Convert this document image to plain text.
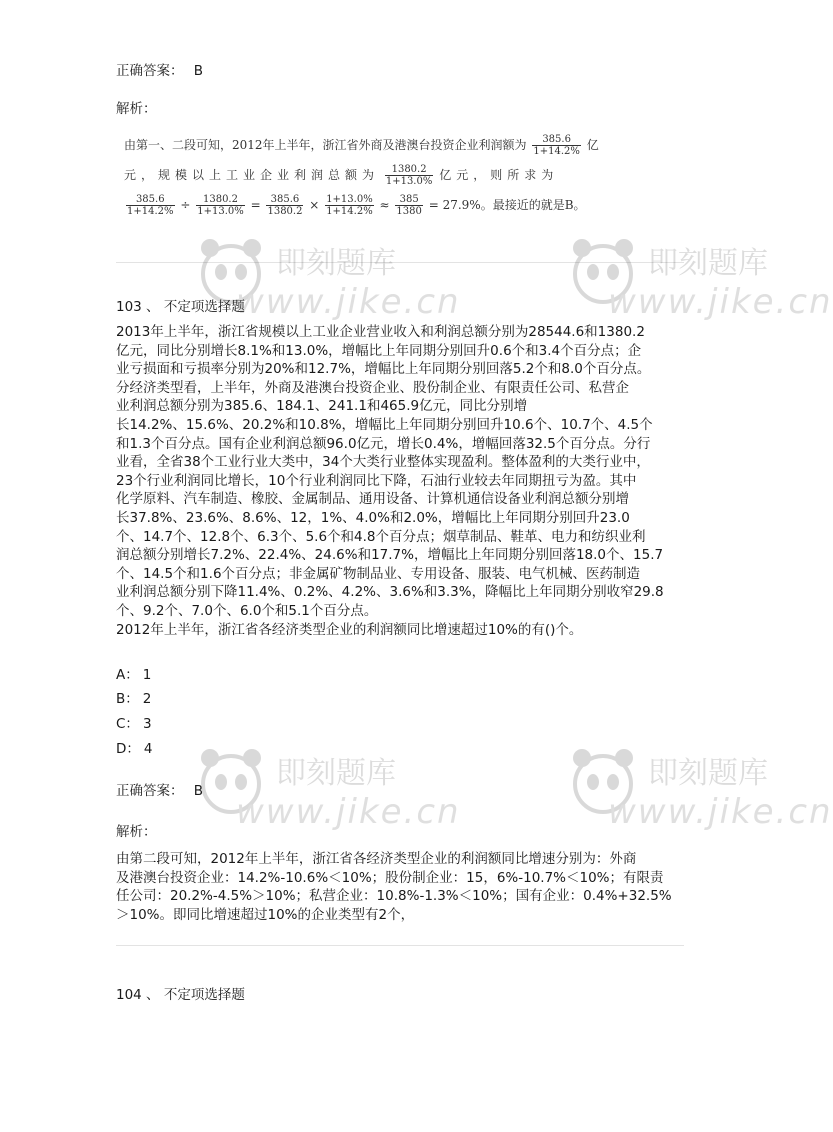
正确答案： B
解析：
由第一、二段可知，2012年上半年，浙江省外商及港澳台投资企业利润额为 $\frac{385.6}{1+14.2\%}$ 亿
元，规模以上工业企业利润总额为 $\frac{1380.2}{1+13.0\%}$ 亿元，则所求为
$\frac{385.6}{1+14.2\%} \div \frac{1380.2}{1+13.0\%} = \frac{385.6}{1380.2} \times \frac{1+13.0\%}{1+14.2\%} \approx \frac{385}{1380} = 27.9\%$。最接近的就是B。
103 、 不定项选择题
2013年上半年，浙江省规模以上工业企业营业收入和利润总额分别为28544.6和1380.2
亿元，同比分别增长8.1%和13.0%，增幅比上年同期分别回升0.6个和3.4个百分点；企
业亏损面和亏损率分别为20%和12.7%，增幅比上年同期分别回落5.2个和8.0个百分点。
分经济类型看，上半年，外商及港澳台投资企业、股份制企业、有限责任公司、私营企
业利润总额分别为385.6、184.1、241.1和465.9亿元，同比分别增
长14.2%、15.6%、20.2%和10.8%，增幅比上年同期分别回升10.6个、10.7个、4.5个
和1.3个百分点。国有企业利润总额96.0亿元，增长0.4%，增幅回落32.5个百分点。分行
业看，全省38个工业行业大类中，34个大类行业整体实现盈利。整体盈利的大类行业中，
23个行业利润同比增长，10个行业利润同比下降，石油行业较去年同期扭亏为盈。其中
化学原料、汽车制造、橡胶、金属制品、通用设备、计算机通信设备业利润总额分别增
长37.8%、23.6%、8.6%、12，1%、4.0%和2.0%，增幅比上年同期分别回升23.0
个、14.7个、12.8个、6.3个、5.6个和4.8个百分点；烟草制品、鞋革、电力和纺织业利
润总额分别增长7.2%、22.4%、24.6%和17.7%，增幅比上年同期分别回落18.0个、15.7
个、14.5个和1.6个百分点；非金属矿物制品业、专用设备、服装、电气机械、医药制造
业利润总额分别下降11.4%、0.2%、4.2%、3.6%和3.3%，降幅比上年同期分别收窄29.8
个、9.2个、7.0个、6.0个和5.1个百分点。
2012年上半年，浙江省各经济类型企业的利润额同比增速超过10%的有()个。
A： 1
B： 2
C： 3
D： 4
正确答案： B
解析：
由第二段可知，2012年上半年，浙江省各经济类型企业的利润额同比增速分别为：外商
及港澳台投资企业：14.2%-10.6%＜10%；股份制企业：15，6%-10.7%＜10%；有限责
任公司：20.2%-4.5%＞10%；私营企业：10.8%-1.3%＜10%；国有企业：0.4%+32.5%
＞10%。即同比增速超过10%的企业类型有2个，
104 、 不定项选择题
即刻题库
www.jike.cn
即刻题库
www.jike.cn
即刻题库
www.jike.cn
即刻题库
www.jike.cn
